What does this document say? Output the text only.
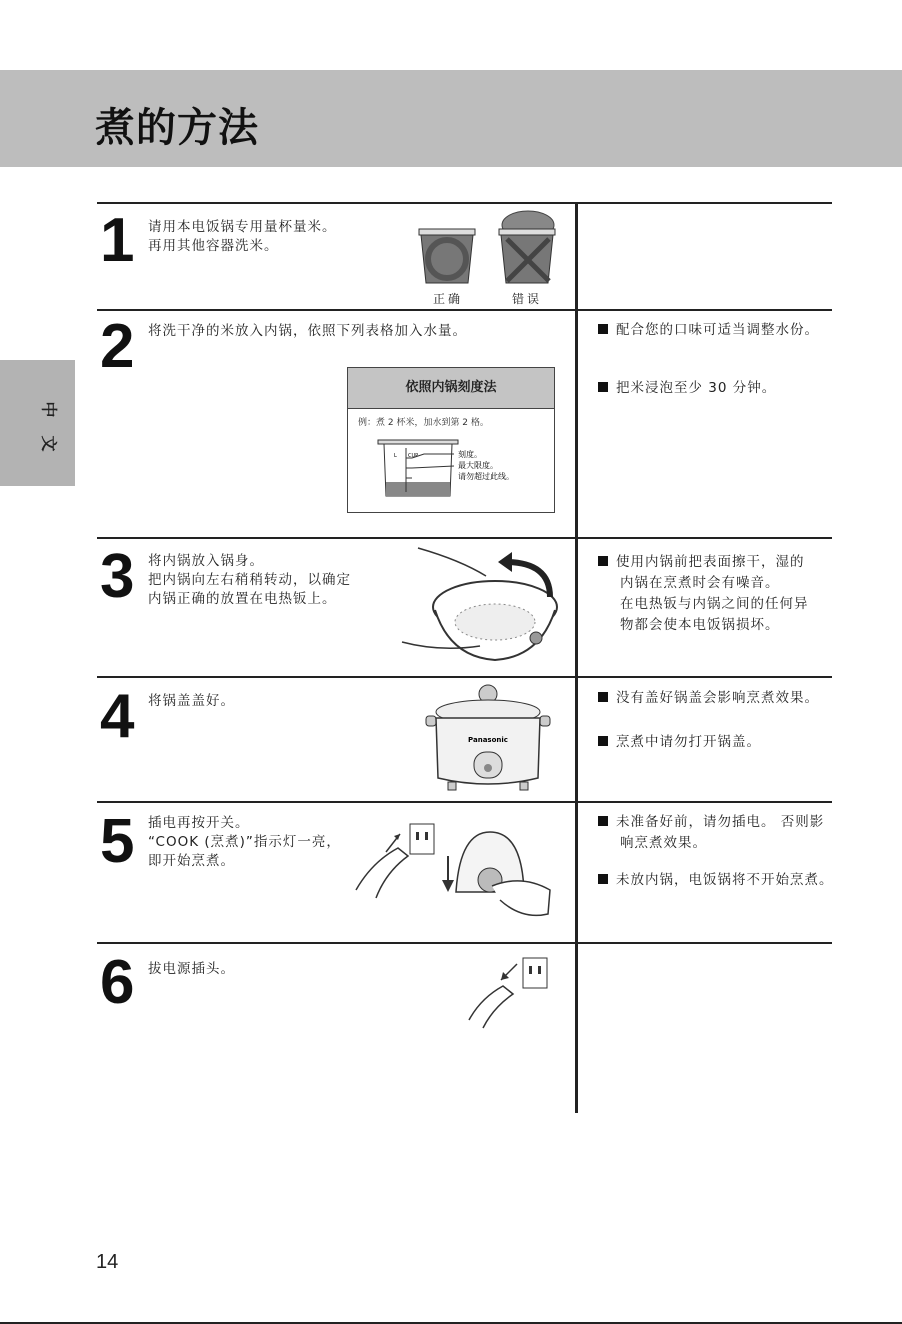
煮的方法
中
文
1 请用本电饭锅专用量杯量米。
再用其他容器洗米。
正确	错误
2 将洗干净的米放入内锅，依照下列表格加入水量。	配合您的口味可适当调整水份。
把米浸泡至少 30 分钟。
依照内锅刻度法
例：煮 2 杯米，加水到第 2 格。
L CUP	刻度。
最大限度。
请勿超过此线。
3 将内锅放入锅身。
把内锅向左右稍稍转动，以确定
内锅正确的放置在电热钣上。
使用内锅前把表面擦干，湿的
内锅在烹煮时会有噪音。
在电热钣与内锅之间的任何异
物都会使本电饭锅损坏。
4 将锅盖盖好。
Panasonic
没有盖好锅盖会影响烹煮效果。
烹煮中请勿打开锅盖。
5 插电再按开关。
“COOK (烹煮)”指示灯一亮，
即开始烹煮。
未准备好前，请勿插电。 否则影
响烹煮效果。
未放内锅，电饭锅将不开始烹煮。
6 拔电源插头。
14
